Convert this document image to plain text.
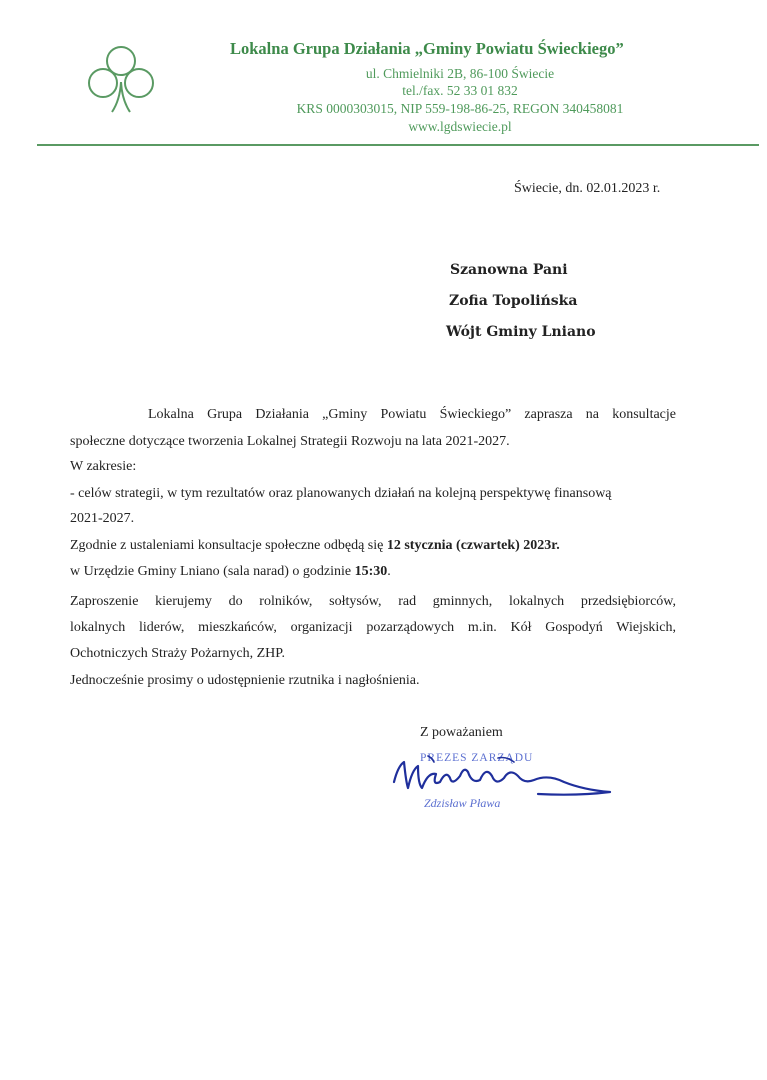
Lokalna Grupa Działania „Gminy Powiatu Świeckiego”
ul. Chmielniki 2B, 86-100 Świecie
tel./fax. 52 33 01 832
KRS 0000303015, NIP 559-198-86-25, REGON 340458081
www.lgdswiecie.pl
Świecie, dn. 02.01.2023 r.
Szanowna Pani
Zofia Topolińska
Wójt Gminy Lniano
Lokalna Grupa Działania „Gminy Powiatu Świeckiego” zaprasza na konsultacje
społeczne dotyczące tworzenia Lokalnej Strategii Rozwoju na lata 2021-2027.
W zakresie:
- celów strategii, w tym rezultatów oraz planowanych działań na kolejną perspektywę finansową
2021-2027.
Zgodnie z ustaleniami konsultacje społeczne odbędą się 12 stycznia (czwartek) 2023r.
w Urzędzie Gminy Lniano (sala narad) o godzinie 15:30.
Zaproszenie kierujemy do rolników, sołtysów, rad gminnych, lokalnych przedsiębiorców,
lokalnych liderów, mieszkańców, organizacji pozarządowych m.in. Kół Gospodyń Wiejskich,
Ochotniczych Straży Pożarnych, ZHP.
Jednocześnie prosimy o udostępnienie rzutnika i nagłośnienia.
Z poważaniem
PREZES ZARZĄDU
Zdzisław Pława
